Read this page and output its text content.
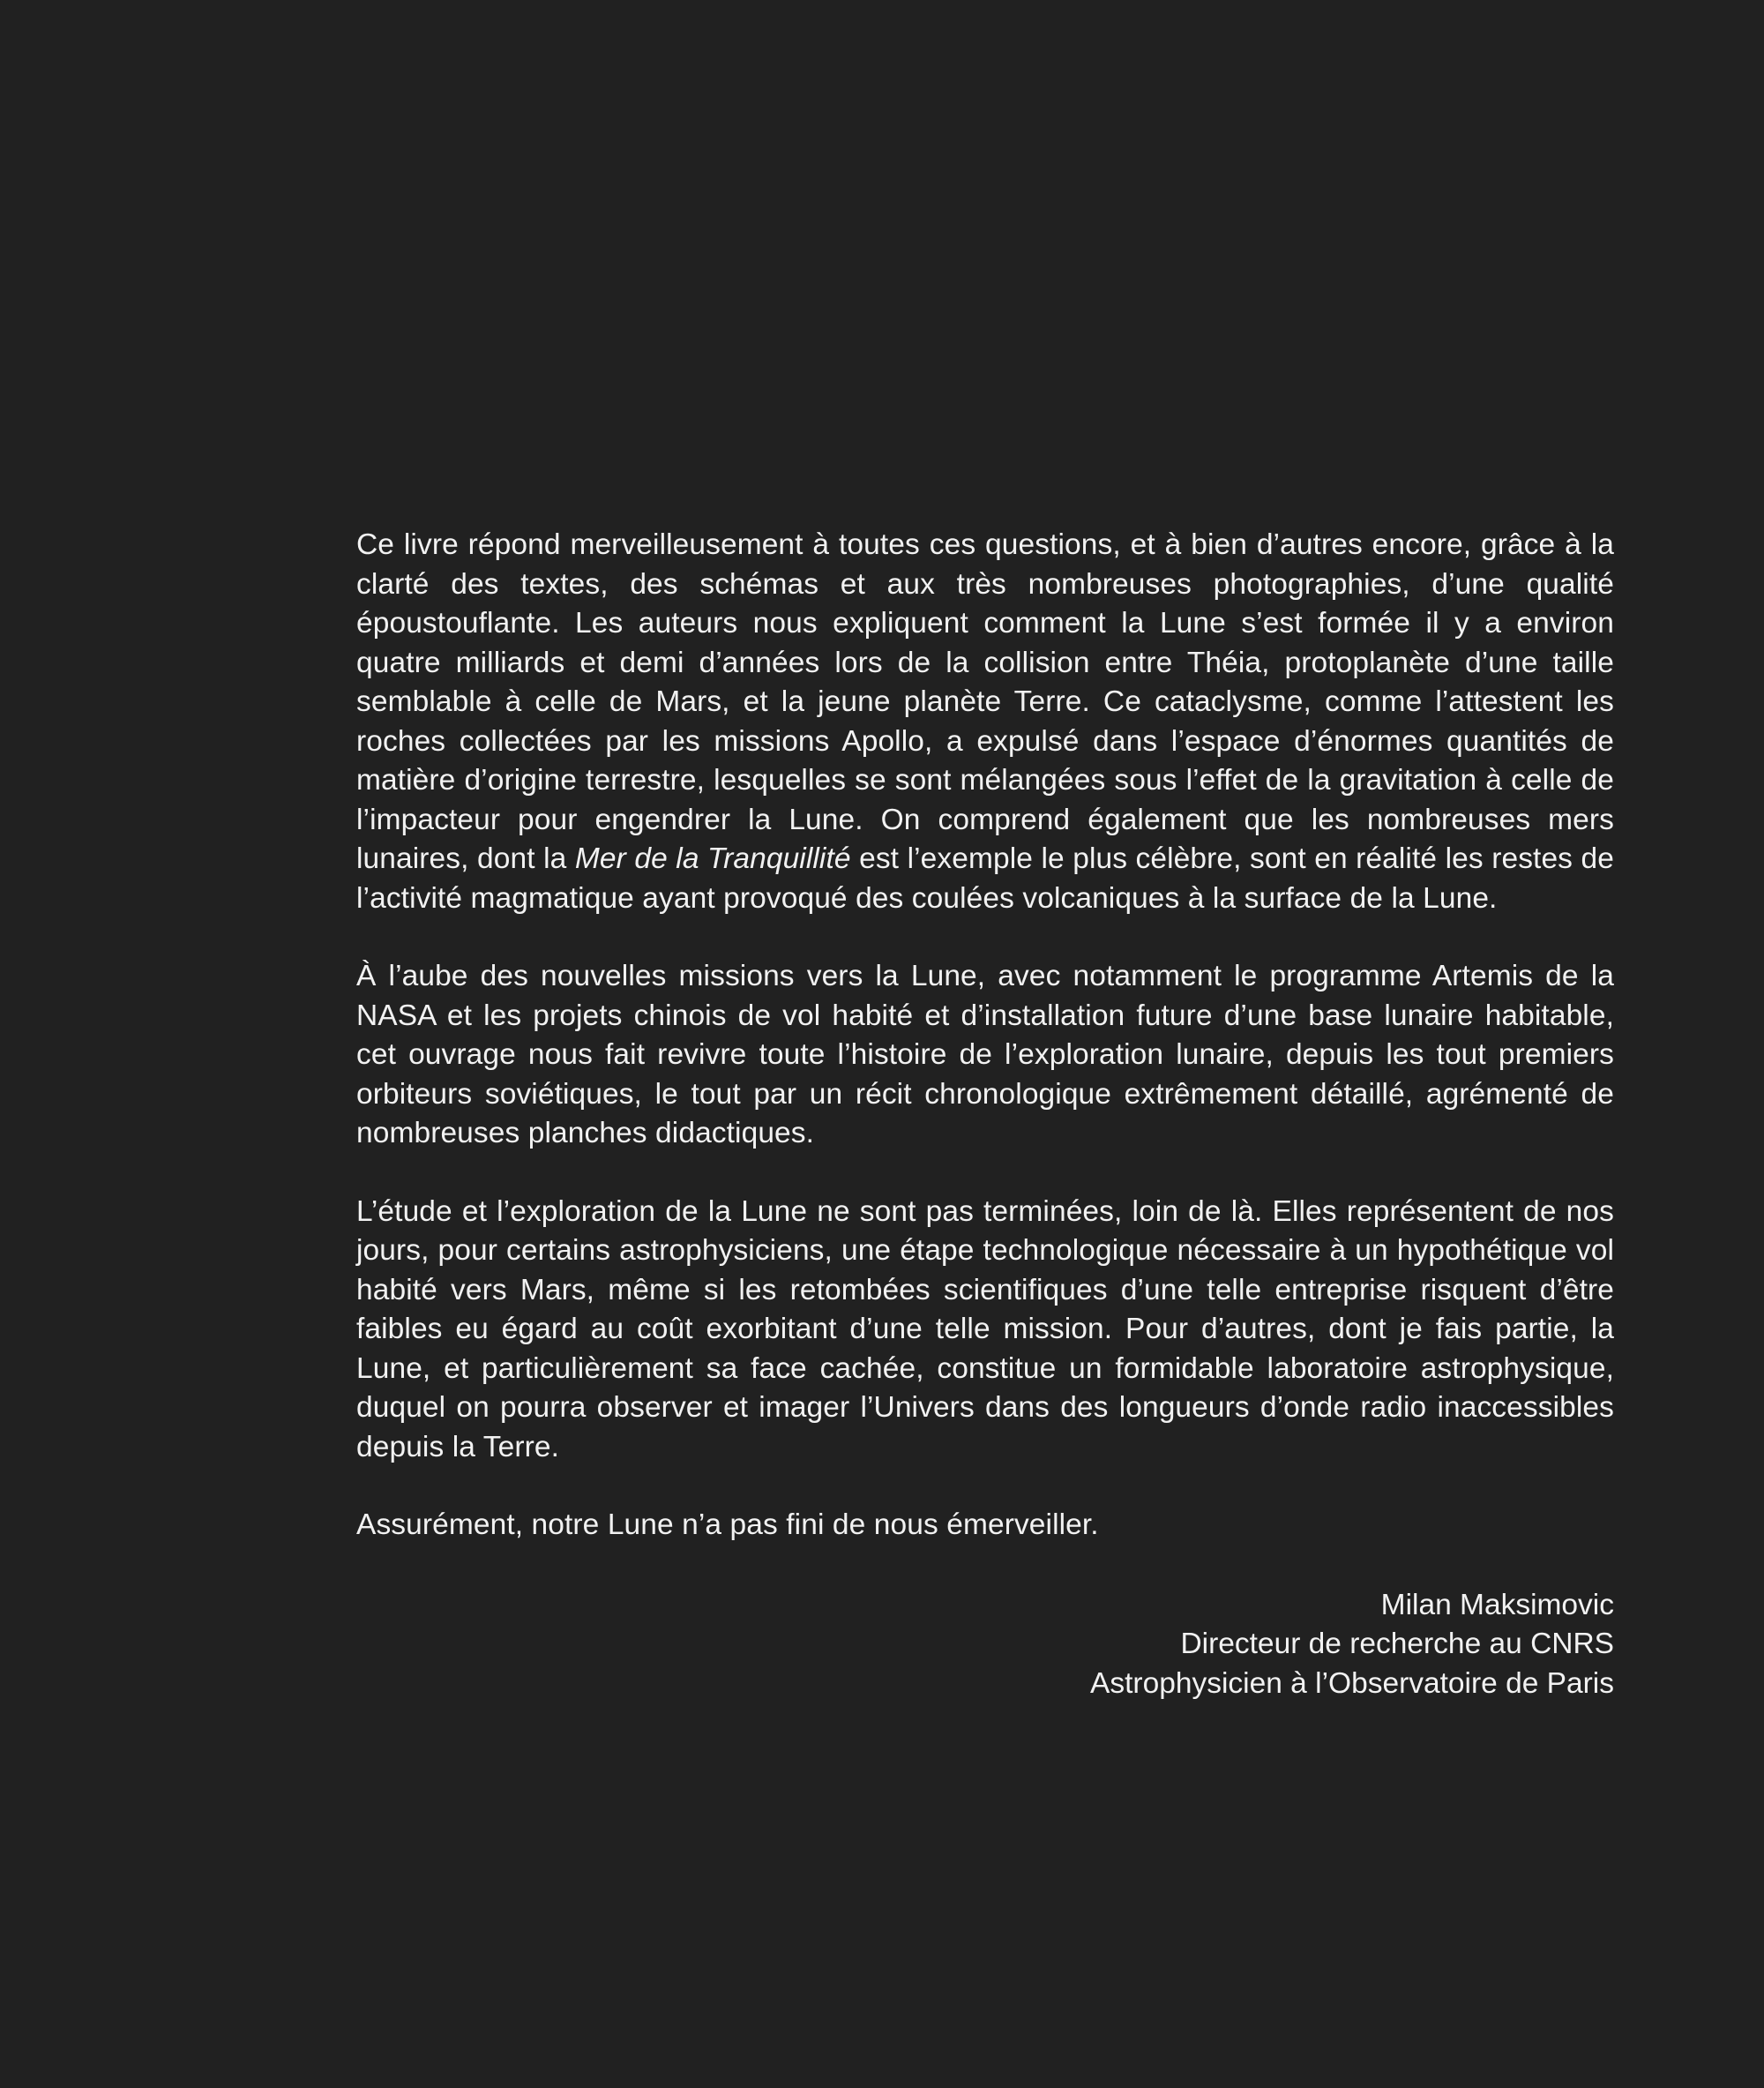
Ce livre répond merveilleusement à toutes ces questions, et à bien d’autres encore, grâce à la clarté des textes, des schémas et aux très nombreuses photographies, d’une qualité époustouflante. Les auteurs nous expliquent comment la Lune s’est formée il y a environ quatre milliards et demi d’années lors de la collision entre Théia, protoplanète d’une taille semblable à celle de Mars, et la jeune planète Terre. Ce cataclysme, comme l’attestent les roches collectées par les missions Apollo, a expulsé dans l’espace d’énormes quantités de matière d’origine terrestre, lesquelles se sont mélangées sous l’effet de la gravitation à celle de l’impacteur pour engendrer la Lune. On comprend également que les nombreuses mers lunaires, dont la Mer de la Tranquillité est l’exemple le plus célèbre, sont en réalité les restes de l’activité magmatique ayant provoqué des coulées volcaniques à la surface de la Lune.

À l’aube des nouvelles missions vers la Lune, avec notamment le programme Artemis de la NASA et les projets chinois de vol habité et d’installation future d’une base lunaire habitable, cet ouvrage nous fait revivre toute l’histoire de l’exploration lunaire, depuis les tout premiers orbiteurs soviétiques, le tout par un récit chronologique extrêmement détaillé, agrémenté de nombreuses planches didactiques.

L’étude et l’exploration de la Lune ne sont pas terminées, loin de là. Elles représentent de nos jours, pour certains astrophysiciens, une étape technologique nécessaire à un hypothétique vol habité vers Mars, même si les retombées scientifiques d’une telle entreprise risquent d’être faibles eu égard au coût exorbitant d’une telle mission. Pour d’autres, dont je fais partie, la Lune, et particulièrement sa face cachée, constitue un formidable laboratoire astrophysique, duquel on pourra observer et imager l’Univers dans des longueurs d’onde radio inaccessibles depuis la Terre.

Assurément, notre Lune n’a pas fini de nous émerveiller.

Milan Maksimovic
Directeur de recherche au CNRS
Astrophysicien à l’Observatoire de Paris
